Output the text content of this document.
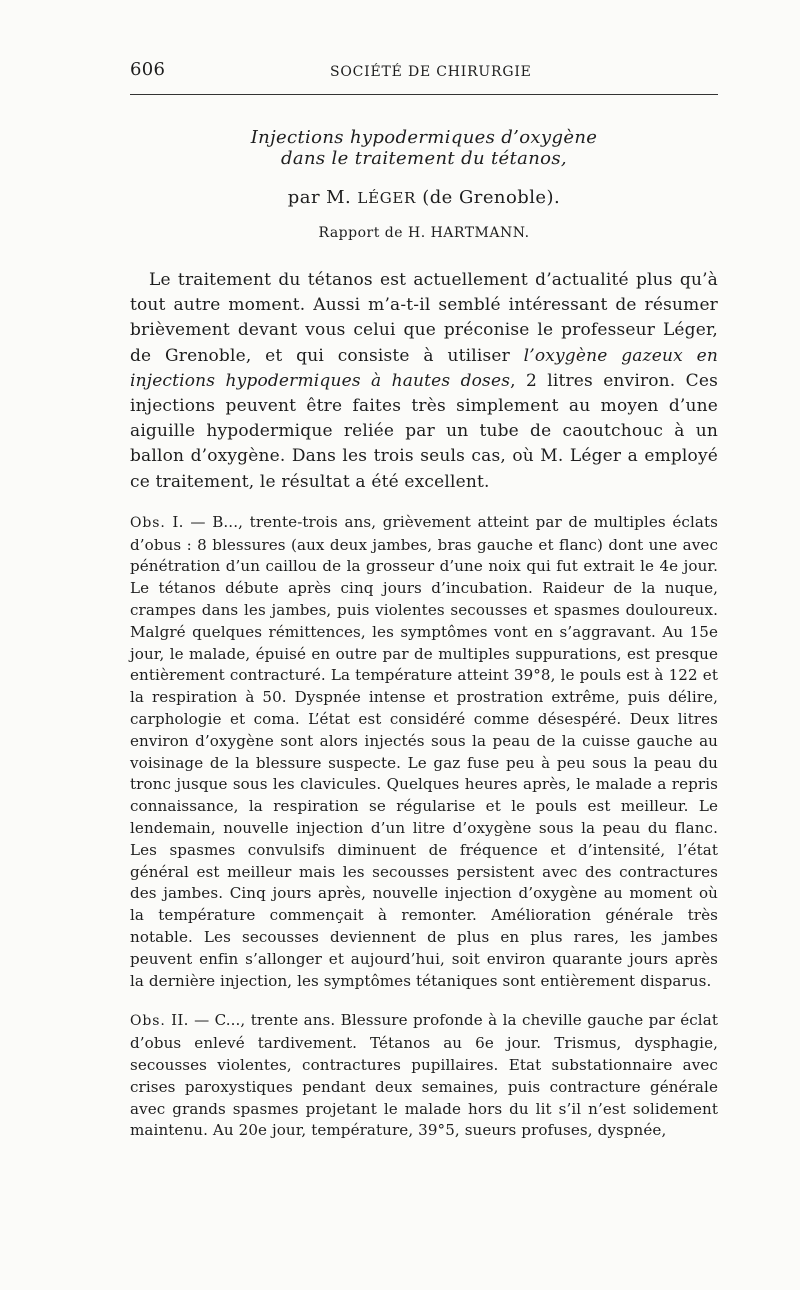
606	SOCIÉTÉ DE CHIRURGIE
Injections hypodermiques d’oxygène
dans le traitement du tétanos,
par M. LÉGER (de Grenoble).
Rapport de H. HARTMANN.

Le traitement du tétanos est actuellement d’actualité plus qu’à tout autre moment. Aussi m’a-t-il semblé intéressant de résumer brièvement devant vous celui que préconise le professeur Léger, de Grenoble, et qui consiste à utiliser l’oxygène gazeux en injections hypodermiques à hautes doses, 2 litres environ. Ces injections peuvent être faites très simplement au moyen d’une aiguille hypodermique reliée par un tube de caoutchouc à un ballon d’oxygène. Dans les trois seuls cas, où M. Léger a employé ce traitement, le résultat a été excellent.

Obs. I. — B..., trente-trois ans, grièvement atteint par de multiples éclats d’obus : 8 blessures (aux deux jambes, bras gauche et flanc) dont une avec pénétration d’un caillou de la grosseur d’une noix qui fut extrait le 4e jour. Le tétanos débute après cinq jours d’incubation. Raideur de la nuque, crampes dans les jambes, puis violentes secousses et spasmes douloureux. Malgré quelques rémittences, les symptômes vont en s’aggravant. Au 15e jour, le malade, épuisé en outre par de multiples suppurations, est presque entièrement contracturé. La température atteint 39°8, le pouls est à 122 et la respiration à 50. Dyspnée intense et prostration extrême, puis délire, carphologie et coma. L’état est considéré comme désespéré. Deux litres environ d’oxygène sont alors injectés sous la peau de la cuisse gauche au voisinage de la blessure suspecte. Le gaz fuse peu à peu sous la peau du tronc jusque sous les clavicules. Quelques heures après, le malade a repris connaissance, la respiration se régularise et le pouls est meilleur. Le lendemain, nouvelle injection d’un litre d’oxygène sous la peau du flanc. Les spasmes convulsifs diminuent de fréquence et d’intensité, l’état général est meilleur mais les secousses persistent avec des contractures des jambes. Cinq jours après, nouvelle injection d’oxygène au moment où la température commençait à remonter. Amélioration générale très notable. Les secousses deviennent de plus en plus rares, les jambes peuvent enfin s’allonger et aujourd’hui, soit environ quarante jours après la dernière injection, les symptômes tétaniques sont entièrement disparus.

Obs. II. — C..., trente ans. Blessure profonde à la cheville gauche par éclat d’obus enlevé tardivement. Tétanos au 6e jour. Trismus, dysphagie, secousses violentes, contractures pupillaires. Etat substationnaire avec crises paroxystiques pendant deux semaines, puis contracture générale avec grands spasmes projetant le malade hors du lit s’il n’est solidement maintenu. Au 20e jour, température, 39°5, sueurs profuses, dyspnée,
